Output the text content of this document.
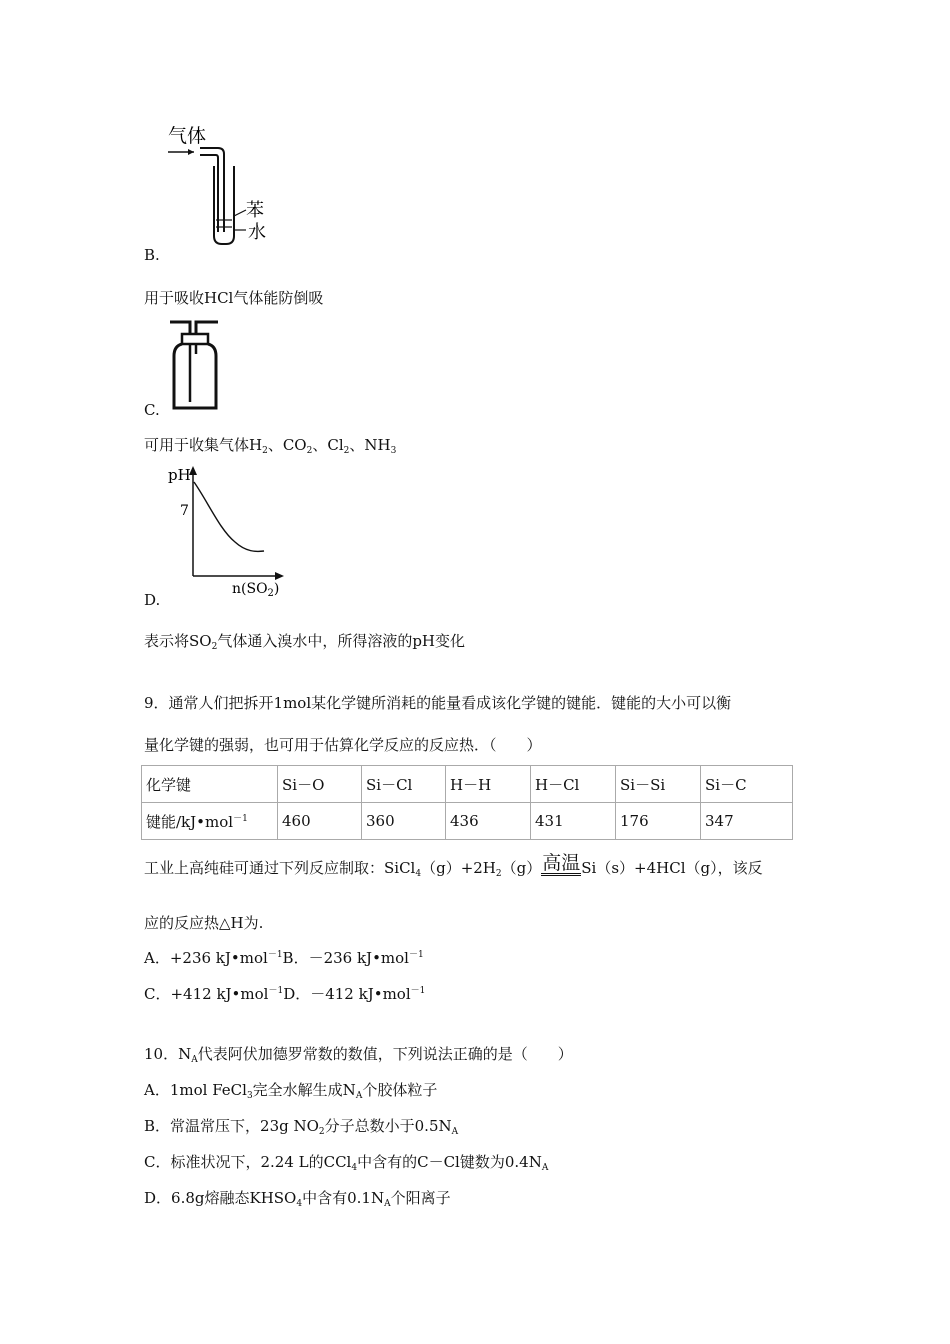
气体
苯
水
B.
用于吸收HCl气体能防倒吸
C.
可用于收集气体$H_2$、$CO_2$、$Cl_2$、$NH_3$
pH
7
$n(SO_2)$
D.
表示将$SO_2$气体通入溴水中，所得溶液的pH变化
9．通常人们把拆开1mol某化学键所消耗的能量看成该化学键的键能．键能的大小可以衡
量化学键的强弱，也可用于估算化学反应的反应热．（　　）
化学键	Si－O	Si－Cl	H－H	H－Cl	Si－Si	Si－C
键能/kJ•mol$^{-1}$	460	360	436	431	176	347
工业上高纯硅可通过下列反应制取：$SiCl_4(g)+2H_2(g)$高温Si（s）+4HCl（g），该反
应的反应热△H为.
A．+236 kJ•mol$^{-1}$B．－236 kJ•mol$^{-1}$
C．+412 kJ•mol$^{-1}$D．－412 kJ•mol$^{-1}$
10．$N_A$代表阿伏加德罗常数的数值，下列说法正确的是（　　）
A．1mol FeCl$_3$完全水解生成$N_A$个胶体粒子
B．常温常压下，23g $NO_2$分子总数小于$0.5N_A$
C．标准状况下，2.24 L的CCl$_4$中含有的C－Cl键数为$0.4N_A$
D．6.8g熔融态$KHSO_4$中含有$0.1N_A$个阳离子
